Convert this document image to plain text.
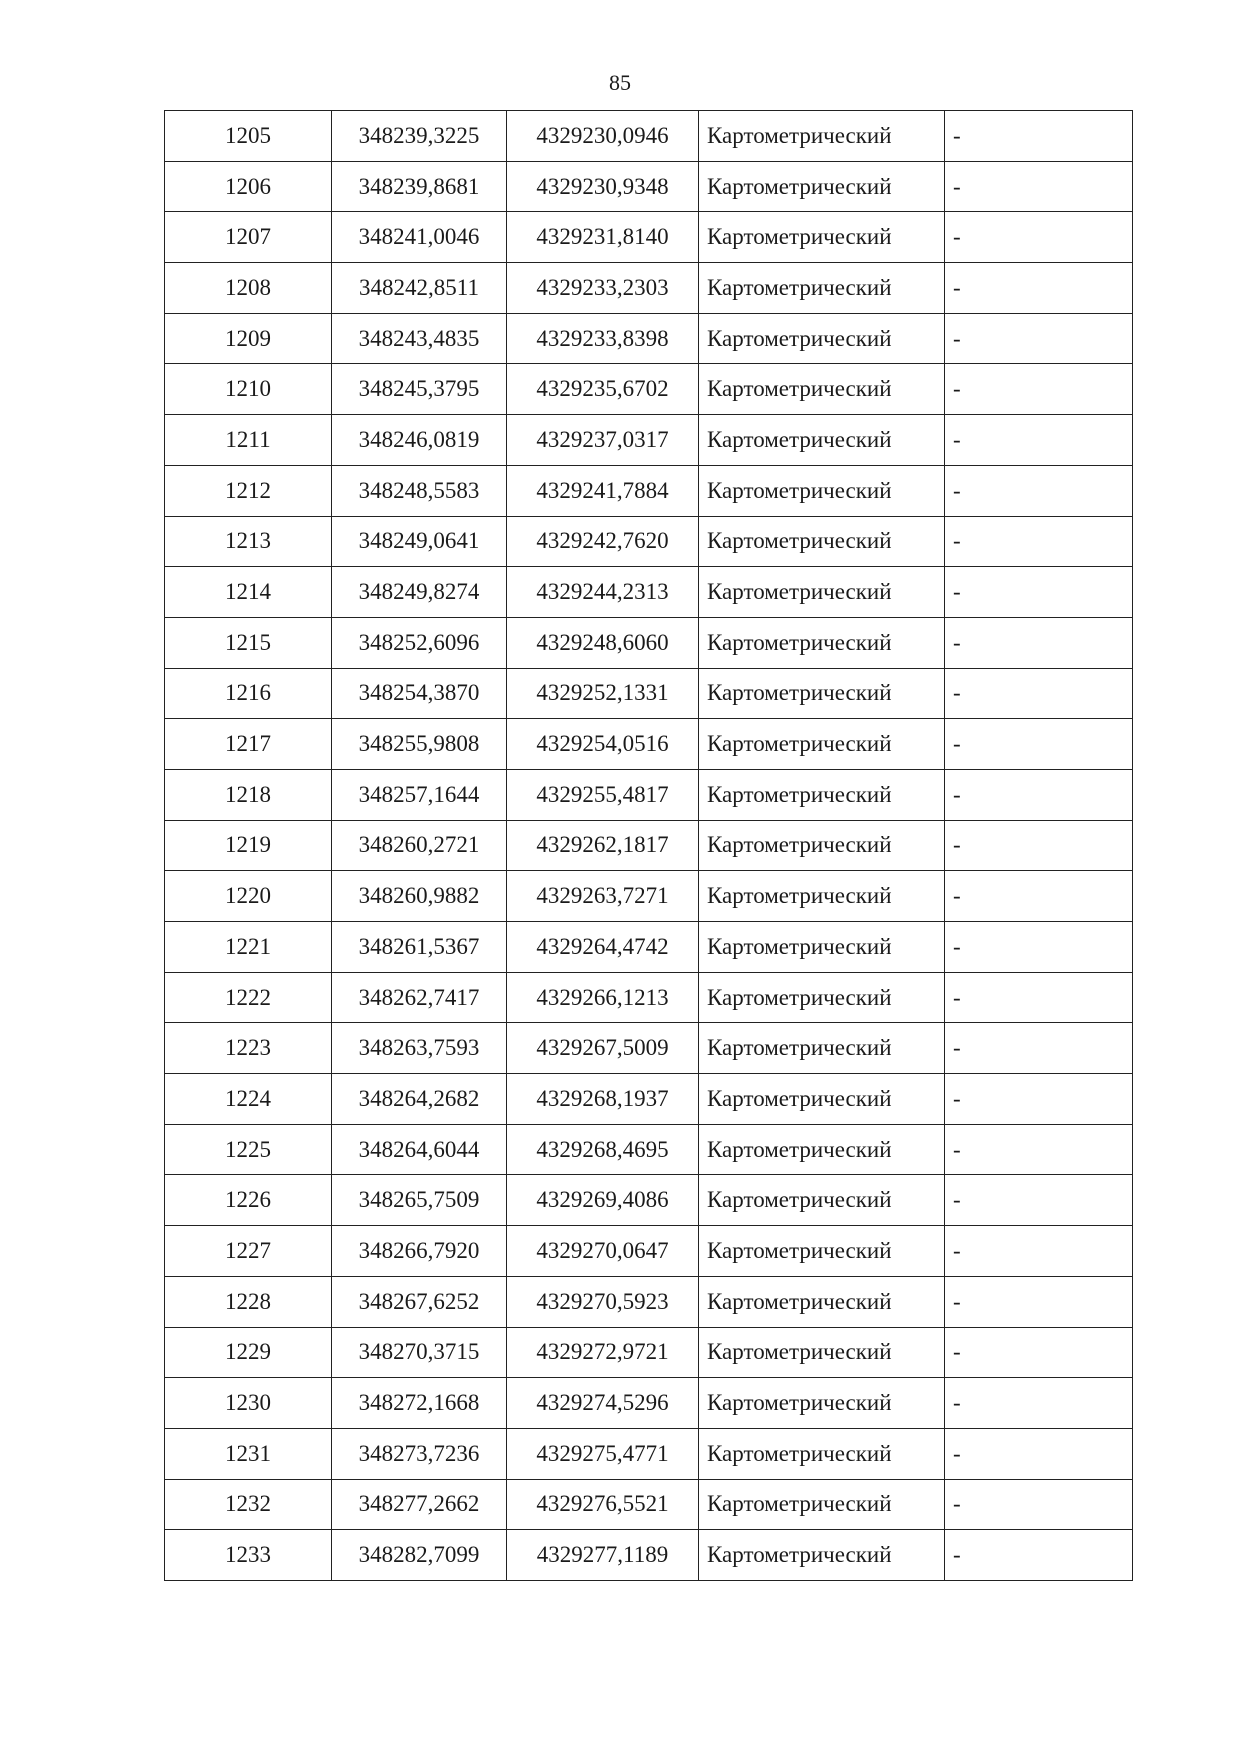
85
1205	348239,3225	4329230,0946	Картометрический	-
1206	348239,8681	4329230,9348	Картометрический	-
1207	348241,0046	4329231,8140	Картометрический	-
1208	348242,8511	4329233,2303	Картометрический	-
1209	348243,4835	4329233,8398	Картометрический	-
1210	348245,3795	4329235,6702	Картометрический	-
1211	348246,0819	4329237,0317	Картометрический	-
1212	348248,5583	4329241,7884	Картометрический	-
1213	348249,0641	4329242,7620	Картометрический	-
1214	348249,8274	4329244,2313	Картометрический	-
1215	348252,6096	4329248,6060	Картометрический	-
1216	348254,3870	4329252,1331	Картометрический	-
1217	348255,9808	4329254,0516	Картометрический	-
1218	348257,1644	4329255,4817	Картометрический	-
1219	348260,2721	4329262,1817	Картометрический	-
1220	348260,9882	4329263,7271	Картометрический	-
1221	348261,5367	4329264,4742	Картометрический	-
1222	348262,7417	4329266,1213	Картометрический	-
1223	348263,7593	4329267,5009	Картометрический	-
1224	348264,2682	4329268,1937	Картометрический	-
1225	348264,6044	4329268,4695	Картометрический	-
1226	348265,7509	4329269,4086	Картометрический	-
1227	348266,7920	4329270,0647	Картометрический	-
1228	348267,6252	4329270,5923	Картометрический	-
1229	348270,3715	4329272,9721	Картометрический	-
1230	348272,1668	4329274,5296	Картометрический	-
1231	348273,7236	4329275,4771	Картометрический	-
1232	348277,2662	4329276,5521	Картометрический	-
1233	348282,7099	4329277,1189	Картометрический	-
